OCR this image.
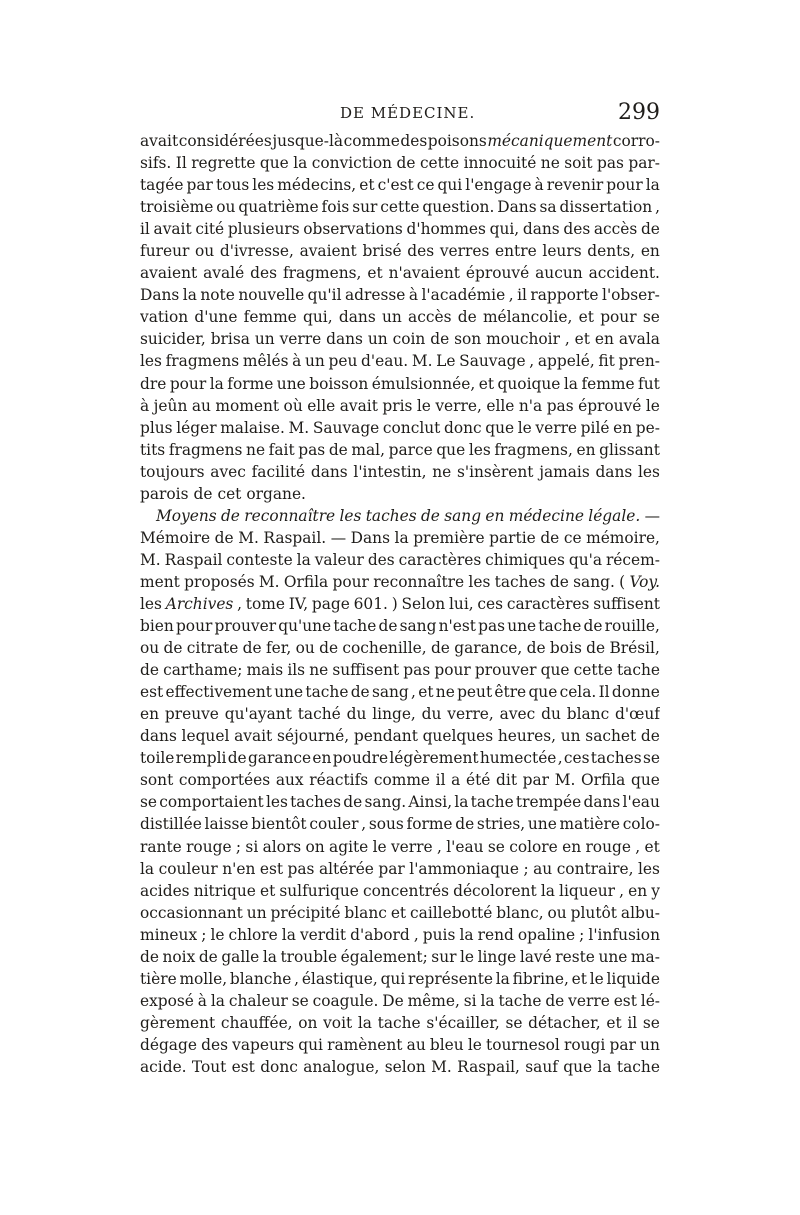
DE MÉDECINE.	299
avait considérées jusque-là comme des poisons mécaniquement corro-
sifs. Il regrette que la conviction de cette innocuité ne soit pas par-
tagée par tous les médecins, et c'est ce qui l'engage à revenir pour la
troisième ou quatrième fois sur cette question. Dans sa dissertation ,
il avait cité plusieurs observations d'hommes qui, dans des accès de
fureur ou d'ivresse, avaient brisé des verres entre leurs dents, en
avaient avalé des fragmens, et n'avaient éprouvé aucun accident.
Dans la note nouvelle qu'il adresse à l'académie , il rapporte l'obser-
vation d'une femme qui, dans un accès de mélancolie, et pour se
suicider, brisa un verre dans un coin de son mouchoir , et en avala
les fragmens mêlés à un peu d'eau. M. Le Sauvage , appelé, fit pren-
dre pour la forme une boisson émulsionnée, et quoique la femme fut
à jeûn au moment où elle avait pris le verre, elle n'a pas éprouvé le
plus léger malaise. M. Sauvage conclut donc que le verre pilé en pe-
tits fragmens ne fait pas de mal, parce que les fragmens, en glissant
toujours avec facilité dans l'intestin, ne s'insèrent jamais dans les
parois de cet organe.
Moyens de reconnaître les taches de sang en médecine légale. —
Mémoire de M. Raspail. — Dans la première partie de ce mémoire,
M. Raspail conteste la valeur des caractères chimiques qu'a récem-
ment proposés M. Orfila pour reconnaître les taches de sang. ( Voy.
les Archives , tome IV, page 601. ) Selon lui, ces caractères suffisent
bien pour prouver qu'une tache de sang n'est pas une tache de rouille,
ou de citrate de fer, ou de cochenille, de garance, de bois de Brésil,
de carthame; mais ils ne suffisent pas pour prouver que cette tache
est effectivement une tache de sang , et ne peut être que cela. Il donne
en preuve qu'ayant taché du linge, du verre, avec du blanc d'œuf
dans lequel avait séjourné, pendant quelques heures, un sachet de
toile rempli de garance en poudre légèrement humectée , ces taches se
sont comportées aux réactifs comme il a été dit par M. Orfila que
se comportaient les taches de sang. Ainsi, la tache trempée dans l'eau
distillée laisse bientôt couler , sous forme de stries, une matière colo-
rante rouge ; si alors on agite le verre , l'eau se colore en rouge , et
la couleur n'en est pas altérée par l'ammoniaque ; au contraire, les
acides nitrique et sulfurique concentrés décolorent la liqueur , en y
occasionnant un précipité blanc et caillebotté blanc, ou plutôt albu-
mineux ; le chlore la verdit d'abord , puis la rend opaline ; l'infusion
de noix de galle la trouble également; sur le linge lavé reste une ma-
tière molle, blanche , élastique, qui représente la fibrine, et le liquide
exposé à la chaleur se coagule. De même, si la tache de verre est lé-
gèrement chauffée, on voit la tache s'écailler, se détacher, et il se
dégage des vapeurs qui ramènent au bleu le tournesol rougi par un
acide. Tout est donc analogue, selon M. Raspail, sauf que la tache
